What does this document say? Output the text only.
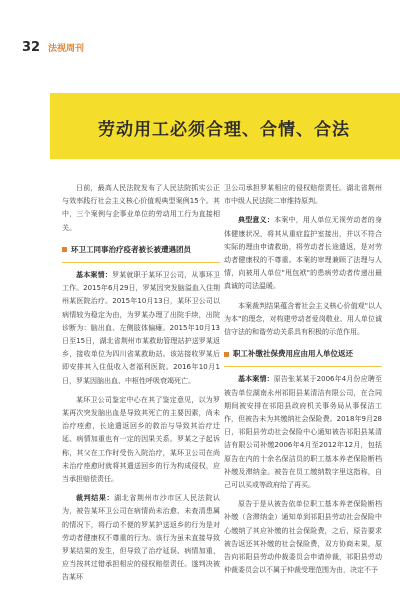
32 法视周刊
劳动用工必须合理、合情、合法

日前，最高人民法院发布了人民法院抓实公正与效率践行社会主义核心价值观典型案例15个。其中，三个案例与企事业单位的劳动用工行为直接相关。

环卫工同事治疗疫者被长被遭遇团员

基本案情：罗某就职于某环卫公司，从事环卫工作。2015年6月29日，罗某因突发脑溢血入住荆州某医院治疗。2015年10月13日，某环卫公司以病情较为稳定为由，为罗某办理了出院手续，出院诊断为：脑出血、左侧肢体偏瘫。2015年10月13日至15日，湖北省荆州市某救助管理站护送罗某返乡，接收单位为四川省某救助站。该站接收罗某后即安排其入住低收入者福利医院。2016年10月1日，罗某因脑出血、中枢性呼吸衰竭死亡。

某环卫公司鉴定中心在其了鉴定意见，以为罗某再次突发脑出血是导致其死亡的主要因素，尚未治疗痊愈，长途遣返回乡的救治与导致其治疗迁延、病情加重也有一定的因果关系。罗某之子起诉称，其父在工作时受伤入院治疗，某环卫公司在尚未治疗痊愈时就将其遣送回乡的行为构成侵权，应当承担赔偿责任。

裁判结果：湖北省荆州市沙市区人民法院认为，被告某环卫公司在病情尚未治愈、未查清患属的情况下，将行动不便的罗某护送返乡的行为是对劳动者健康权不尊重的行为。该行为虽未直接导致罗某结果的发生，但导致了治疗延误、病情加重，应当按其过错承担相应的侵权赔偿责任。遂判决被告某环

卫公司承担罗某相应的侵权赔偿责任。湖北省荆州市中级人民法院二审维持原判。

典型意义：本案中，用人单位无视劳动者的身体健康状况，将其从重症监护室接出，并以不符合实际的理由申请救助，将劳动者长途遣返，是对劳动者健康权的不尊重。本案的审理兼顾了法理与人情，向被用人单位"甩包袱"的患病劳动者传递出最真诚的司法温暖。

本案裁判结果蕴含着社会主义核心价值观"以人为本"的理念，对构建劳动者爱岗敬业、用人单位诚信守法的和谐劳动关系具有积极的示范作用。

职工补缴社保费用应由用人单位返还

基本案情：原告张某某于2006年4月份应聘至被告单位湖南永州祁阳县某清洁有限公司，在合同期间被安排在祁阳县政府机关事务局从事保洁工作，但被告未为其缴纳社会保险费。2018年9月28日，祁阳县劳动社会保险中心通知被告祁阳县某清洁有限公司补缴2006年4月至2012年12月，包括原告在内的十余名保洁员的职工基本养老保险断档补缴及滞纳金。被告在员工缴纳数字里这指称，自己可以买或等政府给了再买。

原告于是从被告依单位职工基本养老保险断档补缴（含滞纳金）通知单到祁阳县劳动社会保险中心缴纳了其应补缴的社会保险费，之后，原告要求被告返还其补缴的社会保险费，双方协商未果，原告向祁阳县劳动仲裁委员会申请仲裁，祁阳县劳动仲裁委员会以不属于仲裁受理范围为由，决定不予
